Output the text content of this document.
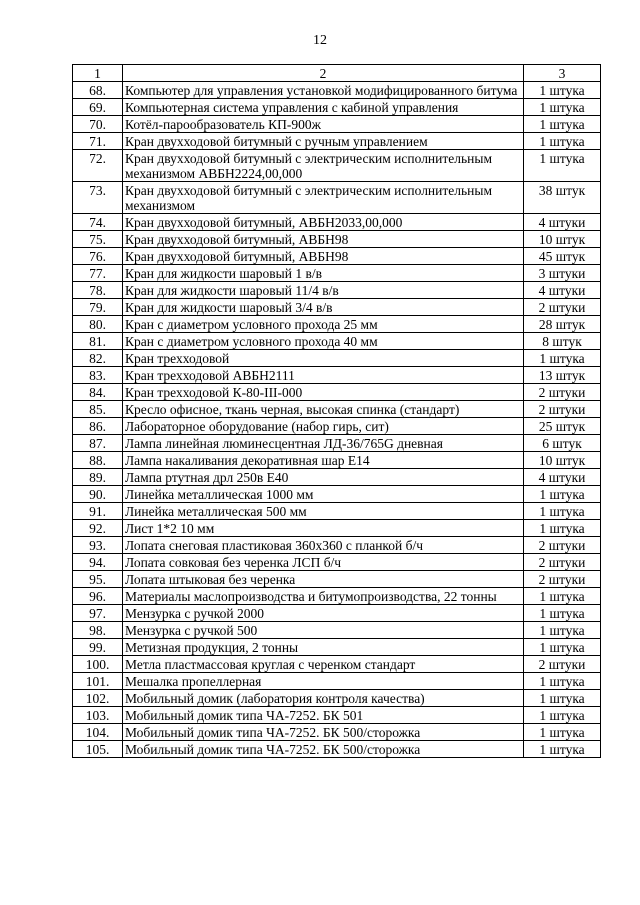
12
1	2	3
68.	Компьютер для управления установкой модифицированного битума	1 штука
69.	Компьютерная система управления с кабиной управления	1 штука
70.	Котёл-парообразователь КП-900ж	1 штука
71.	Кран двухходовой битумный с ручным управлением	1 штука
72.	Кран двухходовой битумный с электрическим исполнительным механизмом АВБН2224,00,000	1 штука
73.	Кран двухходовой битумный с электрическим исполнительным механизмом	38 штук
74.	Кран двухходовой битумный, АВБН2033,00,000	4 штуки
75.	Кран двухходовой битумный, АВБН98	10 штук
76.	Кран двухходовой битумный, АВБН98	45 штук
77.	Кран для жидкости шаровый 1 в/в	3 штуки
78.	Кран для жидкости шаровый 11/4 в/в	4 штуки
79.	Кран для жидкости шаровый 3/4 в/в	2 штуки
80.	Кран с диаметром условного прохода 25 мм	28 штук
81.	Кран с диаметром условного прохода 40 мм	8 штук
82.	Кран трехходовой	1 штука
83.	Кран трехходовой АВБН2111	13 штук
84.	Кран трехходовой К-80-III-000	2 штуки
85.	Кресло офисное, ткань черная, высокая спинка (стандарт)	2 штуки
86.	Лабораторное оборудование (набор гирь, сит)	25 штук
87.	Лампа линейная люминесцентная ЛД-36/765G дневная	6 штук
88.	Лампа накаливания декоративная шар Е14	10 штук
89.	Лампа ртутная дрл 250в Е40	4 штуки
90.	Линейка металлическая 1000 мм	1 штука
91.	Линейка металлическая 500 мм	1 штука
92.	Лист 1*2 10 мм	1 штука
93.	Лопата снеговая пластиковая 360х360 с планкой б/ч	2 штуки
94.	Лопата совковая без черенка ЛСП б/ч	2 штуки
95.	Лопата штыковая без черенка	2 штуки
96.	Материалы маслопроизводства и битумопроизводства, 22 тонны	1 штука
97.	Мензурка с ручкой 2000	1 штука
98.	Мензурка с ручкой 500	1 штука
99.	Метизная продукция, 2 тонны	1 штука
100.	Метла пластмассовая круглая с черенком стандарт	2 штуки
101.	Мешалка пропеллерная	1 штука
102.	Мобильный домик (лаборатория контроля качества)	1 штука
103.	Мобильный домик типа ЧА-7252. БК 501	1 штука
104.	Мобильный домик типа ЧА-7252. БК 500/сторожка	1 штука
105.	Мобильный домик типа ЧА-7252. БК 500/сторожка	1 штука
